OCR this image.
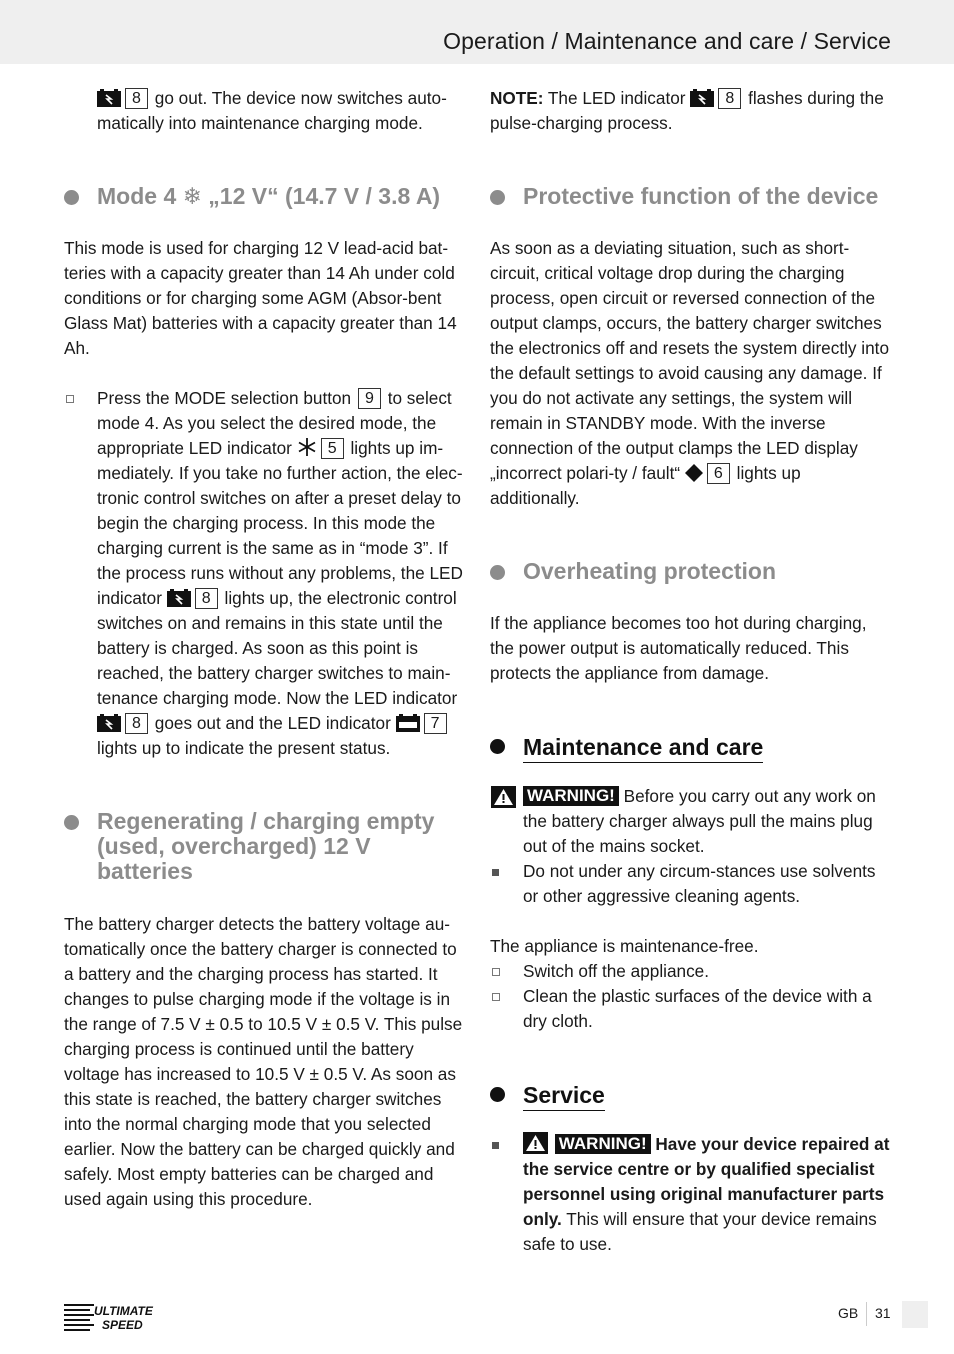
Operation / Maintenance and care / Service

8 go out. The device now switches auto-matically into maintenance charging mode.

Mode 4 ❄ „12 V“ (14.7 V / 3.8 A)

This mode is used for charging 12 V lead-acid bat-teries with a capacity greater than 14 Ah under cold conditions or for charging some AGM (Absor-bent Glass Mat) batteries with a capacity greater than 14 Ah.

Press the MODE selection button 9 to select mode 4. As you select the desired mode, the appropriate LED indicator 5 lights up im-mediately. If you take no further action, the elec-tronic control switches on after a preset delay to begin the charging process. In this mode the charging current is the same as in “mode 3”. If the process runs without any problems, the LED indicator 8 lights up, the electronic control switches on and remains in this state until the battery is charged. As soon as this point is reached, the battery charger switches to main-tenance charging mode. Now the LED indicator 8 goes out and the LED indicator 7 lights up to indicate the present status.
Regenerating / charging empty (used, overcharged) 12 V batteries

The battery charger detects the battery voltage au-tomatically once the battery charger is connected to a battery and the charging process has started. It changes to pulse charging mode if the voltage is in the range of 7.5 V ± 0.5 to 10.5 V ± 0.5 V. This pulse charging process is continued until the battery voltage has increased to 10.5 V ± 0.5 V. As soon as this state is reached, the battery charger switches into the normal charging mode that you selected earlier. Now the battery can be charged quickly and safely. Most empty batteries can be charged and used again using this procedure.

NOTE: The LED indicator 8 flashes during the pulse-charging process.

Protective function of the device

As soon as a deviating situation, such as short-circuit, critical voltage drop during the charging process, open circuit or reversed connection of the output clamps, occurs, the battery charger switches the electronics off and resets the system directly into the default settings to avoid causing any damage. If you do not activate any settings, the system will remain in STANDBY mode. With the inverse connection of the output clamps the LED display „incorrect polari-ty / fault“ 6 lights up additionally.

Overheating protection

If the appliance becomes too hot during charging, the power output is automatically reduced. This protects the appliance from damage.

Maintenance and care
WARNING! Before you carry out any work on the battery charger always pull the mains plug out of the mains socket.
Do not under any circum-stances use solvents or other aggressive cleaning agents.

The appliance is maintenance-free.

Switch off the appliance.
Clean the plastic surfaces of the device with a dry cloth.
Service
WARNING! Have your device repaired at the service centre or by qualified specialist personnel using original manufacturer parts only. This will ensure that your device remains safe to use.
ULTIMATE
SPEED
GB 31
